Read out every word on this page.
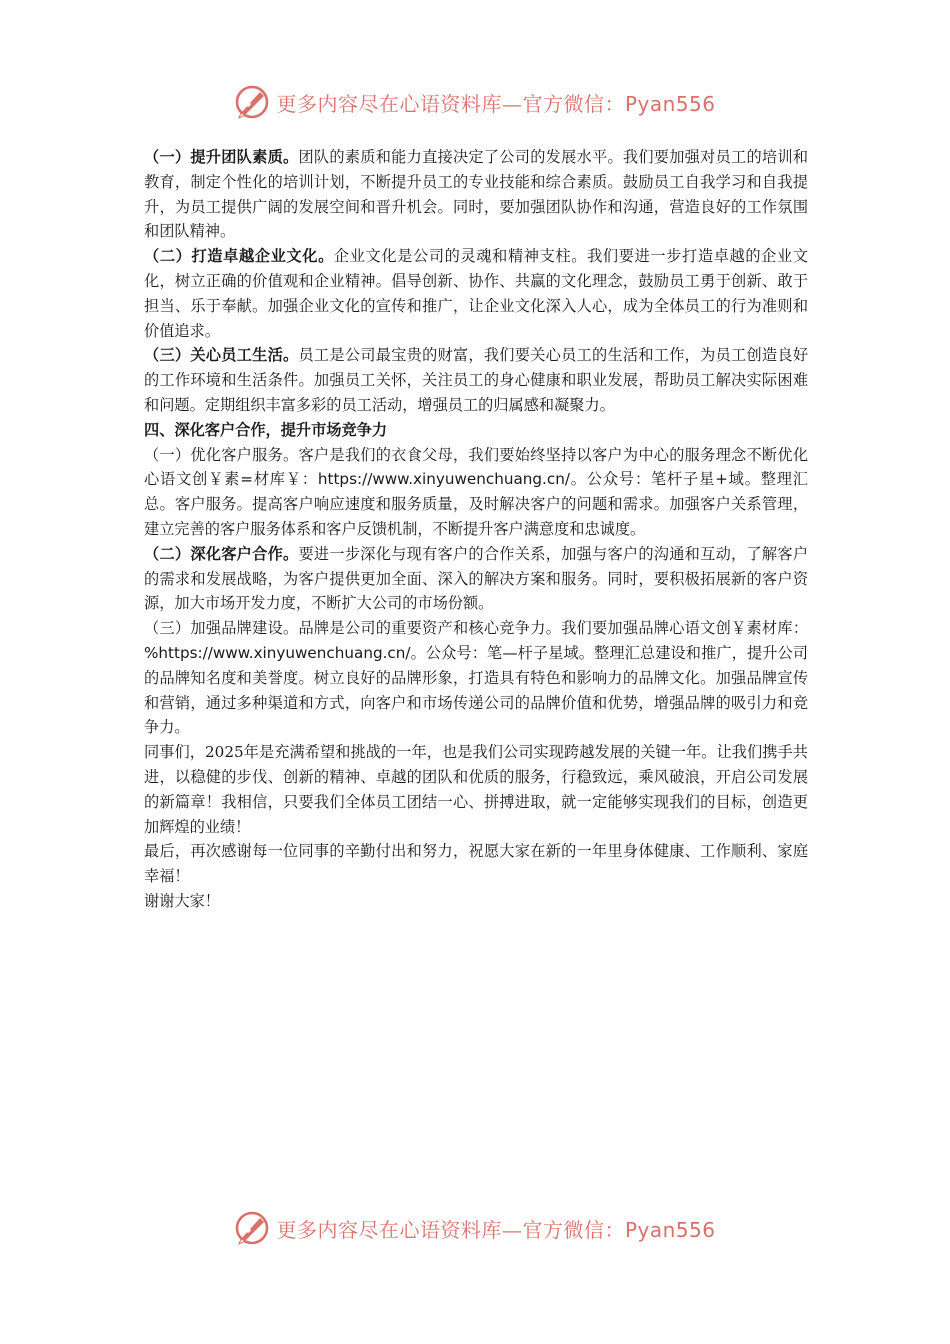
更多内容尽在心语资料库—官方微信：Pyan556

（一）提升团队素质。团队的素质和能力直接决定了公司的发展水平。我们要加强对员工的培训和教育，制定个性化的培训计划，不断提升员工的专业技能和综合素质。鼓励员工自我学习和自我提升，为员工提供广阔的发展空间和晋升机会。同时，要加强团队协作和沟通，营造良好的工作氛围和团队精神。

（二）打造卓越企业文化。企业文化是公司的灵魂和精神支柱。我们要进一步打造卓越的企业文化，树立正确的价值观和企业精神。倡导创新、协作、共赢的文化理念，鼓励员工勇于创新、敢于担当、乐于奉献。加强企业文化的宣传和推广，让企业文化深入人心，成为全体员工的行为准则和价值追求。

（三）关心员工生活。员工是公司最宝贵的财富，我们要关心员工的生活和工作，为员工创造良好的工作环境和生活条件。加强员工关怀，关注员工的身心健康和职业发展，帮助员工解决实际困难和问题。定期组织丰富多彩的员工活动，增强员工的归属感和凝聚力。

四、深化客户合作，提升市场竞争力

（一）优化客户服务。客户是我们的衣食父母，我们要始终坚持以客户为中心的服务理念不断优化心语文创￥素=材库￥：https://www.xinyuwenchuang.cn/。公众号：笔杆子星+域。整理汇总。客户服务。提高客户响应速度和服务质量，及时解决客户的问题和需求。加强客户关系管理，建立完善的客户服务体系和客户反馈机制，不断提升客户满意度和忠诚度。

（二）深化客户合作。要进一步深化与现有客户的合作关系，加强与客户的沟通和互动，了解客户的需求和发展战略，为客户提供更加全面、深入的解决方案和服务。同时，要积极拓展新的客户资源，加大市场开发力度，不断扩大公司的市场份额。

（三）加强品牌建设。品牌是公司的重要资产和核心竞争力。我们要加强品牌心语文创￥素材库：%https://www.xinyuwenchuang.cn/。公众号：笔—杆子星域。整理汇总建设和推广，提升公司的品牌知名度和美誉度。树立良好的品牌形象，打造具有特色和影响力的品牌文化。加强品牌宣传和营销，通过多种渠道和方式，向客户和市场传递公司的品牌价值和优势，增强品牌的吸引力和竞争力。

同事们，2025年是充满希望和挑战的一年，也是我们公司实现跨越发展的关键一年。让我们携手共进，以稳健的步伐、创新的精神、卓越的团队和优质的服务，行稳致远，乘风破浪，开启公司发展的新篇章！我相信，只要我们全体员工团结一心、拼搏进取，就一定能够实现我们的目标，创造更加辉煌的业绩！

最后，再次感谢每一位同事的辛勤付出和努力，祝愿大家在新的一年里身体健康、工作顺利、家庭幸福！

谢谢大家！

更多内容尽在心语资料库—官方微信：Pyan556
